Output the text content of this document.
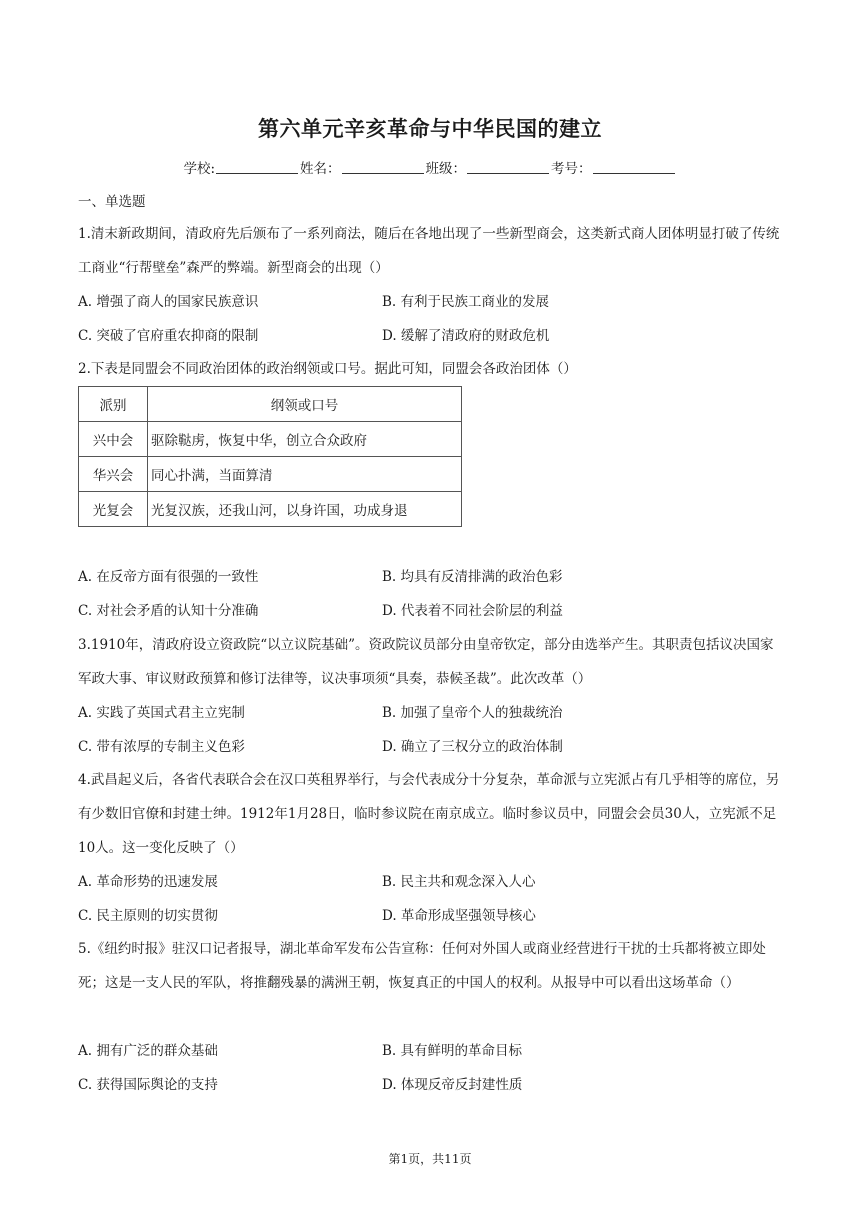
第六单元辛亥革命与中华民国的建立
学校:	姓名：	班级：	考号：
一、单选题
1.清末新政期间，清政府先后颁布了一系列商法，随后在各地出现了一些新型商会，这类新式商人团体明显打破了传统工商业“行帮壁垒”森严的弊端。新型商会的出现（）
A. 增强了商人的国家民族意识	B. 有利于民族工商业的发展
C. 突破了官府重农抑商的限制	D. 缓解了清政府的财政危机
2.下表是同盟会不同政治团体的政治纲领或口号。据此可知，同盟会各政治团体（）
派别	纲领或口号
兴中会	驱除鞑虏，恢复中华，创立合众政府
华兴会	同心扑满，当面算清
光复会	光复汉族，还我山河，以身许国，功成身退
A. 在反帝方面有很强的一致性	B. 均具有反清排满的政治色彩
C. 对社会矛盾的认知十分准确	D. 代表着不同社会阶层的利益
3.1910年，清政府设立资政院“以立议院基础”。资政院议员部分由皇帝钦定，部分由选举产生。其职责包括议决国家军政大事、审议财政预算和修订法律等，议决事项须“具奏，恭候圣裁”。此次改革（）
A. 实践了英国式君主立宪制	B. 加强了皇帝个人的独裁统治
C. 带有浓厚的专制主义色彩	D. 确立了三权分立的政治体制
4.武昌起义后，各省代表联合会在汉口英租界举行，与会代表成分十分复杂，革命派与立宪派占有几乎相等的席位，另有少数旧官僚和封建士绅。1912年1月28日，临时参议院在南京成立。临时参议员中，同盟会会员30人，立宪派不足10人。这一变化反映了（）
A. 革命形势的迅速发展	B. 民主共和观念深入人心
C. 民主原则的切实贯彻	D. 革命形成坚强领导核心
5.《纽约时报》驻汉口记者报导，湖北革命军发布公告宣称：任何对外国人或商业经营进行干扰的士兵都将被立即处死；这是一支人民的军队，将推翻残暴的满洲王朝，恢复真正的中国人的权利。从报导中可以看出这场革命（）
A. 拥有广泛的群众基础	B. 具有鲜明的革命目标
C. 获得国际舆论的支持	D. 体现反帝反封建性质
第1页，共11页
